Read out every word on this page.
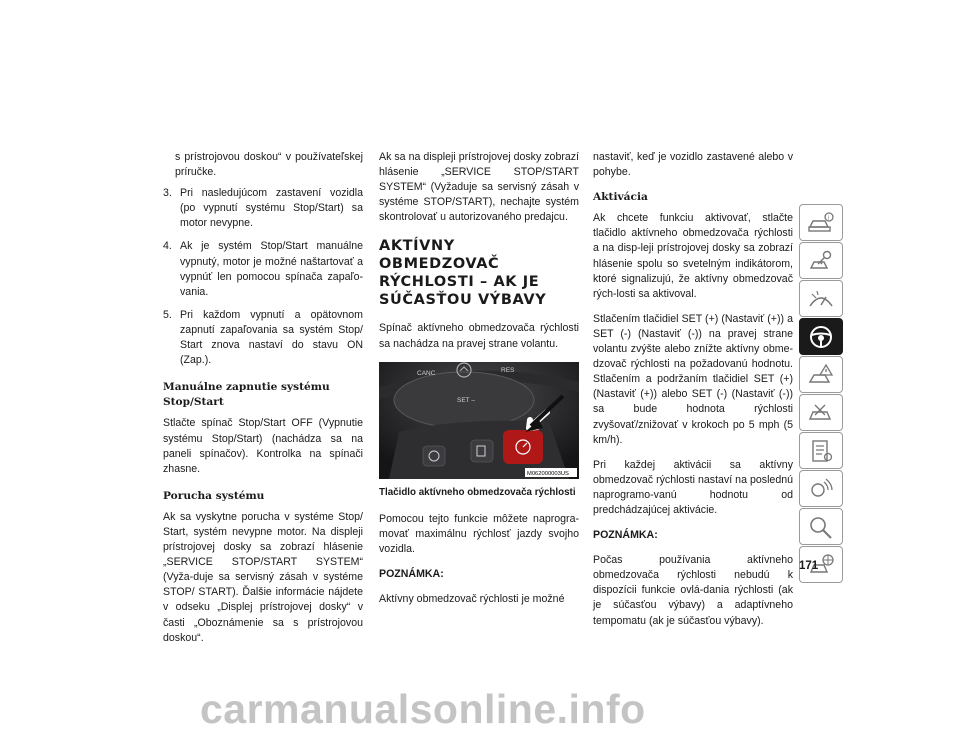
s prístrojovou doskou“ v používateľskej príručke.

3. Pri nasledujúcom zastavení vozidla (po vypnutí systému Stop/Start) sa motor nevypne.
4. Ak je systém Stop/Start manuálne vypnutý, motor je možné naštartovať a vypnúť len pomocou spínača zapaľo-vania.
5. Pri každom vypnutí a opätovnom zapnutí zapaľovania sa systém Stop/ Start znova nastaví do stavu ON (Zap.).
Manuálne zapnutie systému Stop/Start

Stlačte spínač Stop/Start OFF (Vypnutie systému Stop/Start) (nachádza sa na paneli spínačov). Kontrolka na spínači zhasne.

Porucha systému

Ak sa vyskytne porucha v systéme Stop/ Start, systém nevypne motor. Na displeji prístrojovej dosky sa zobrazí hlásenie „SERVICE STOP/START SYSTEM“ (Vyža-duje sa servisný zásah v systéme STOP/ START). Ďalšie informácie nájdete v odseku „Displej prístrojovej dosky“ v časti „Oboznámenie sa s prístrojovou doskou“.

Ak sa na displeji prístrojovej dosky zobrazí hlásenie „SERVICE STOP/START SYSTEM“ (Vyžaduje sa servisný zásah v systéme STOP/START), nechajte systém skontrolovať u autorizovaného predajcu.

AKTÍVNY OBMEDZOVAČ RÝCHLOSTI – AK JE SÚČASŤOU VÝBAVY

Spínač aktívneho obmedzovača rýchlosti sa nachádza na pravej strane volantu.

CANC	RES
SET –
M062000003US

Tlačidlo aktívneho obmedzovača rýchlosti

Pomocou tejto funkcie môžete naprogra-movať maximálnu rýchlosť jazdy svojho vozidla.

POZNÁMKA:

Aktívny obmedzovač rýchlosti je možné

nastaviť, keď je vozidlo zastavené alebo v pohybe.

Aktivácia

Ak chcete funkciu aktivovať, stlačte tlačidlo aktívneho obmedzovača rýchlosti a na disp-leji prístrojovej dosky sa zobrazí hlásenie spolu so svetelným indikátorom, ktoré signalizujú, že aktívny obmedzovač rých-losti sa aktivoval.

Stlačením tlačidiel SET (+) (Nastaviť (+)) a SET (-) (Nastaviť (-)) na pravej strane volantu zvýšte alebo znížte aktívny obme-dzovač rýchlosti na požadovanú hodnotu. Stlačením a podržaním tlačidiel SET (+) (Nastaviť (+)) alebo SET (-) (Nastaviť (-)) sa bude hodnota rýchlosti zvyšovať/znižovať v krokoch po 5 mph (5 km/h).

Pri každej aktivácii sa aktívny obmedzovač rýchlosti nastaví na poslednú naprogramo-vanú hodnotu od predchádzajúcej aktivácie.

POZNÁMKA:

Počas používania aktívneho obmedzovača rýchlosti nebudú k dispozícii funkcie ovlá-dania rýchlosti (ak je súčasťou výbavy) a adaptívneho tempomatu (ak je súčasťou výbavy).

i
171
carmanualsonline.info
